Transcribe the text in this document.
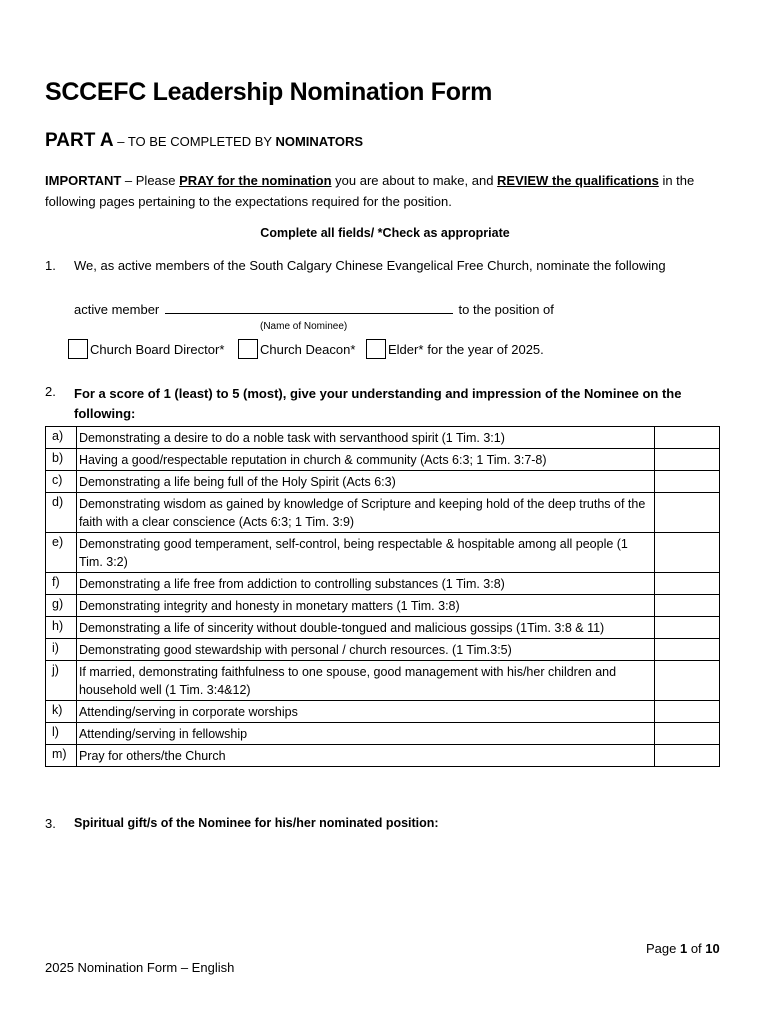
SCCEFC Leadership Nomination Form
PART A – TO BE COMPLETED BY NOMINATORS
IMPORTANT – Please PRAY for the nomination you are about to make, and REVIEW the qualifications in the following pages pertaining to the expectations required for the position.
Complete all fields/ *Check as appropriate
1. We, as active members of the South Calgary Chinese Evangelical Free Church, nominate the following
active member	to the position of
(Name of Nominee)
Church Board Director*	Church Deacon*	Elder* for the year of 2025.
2. For a score of 1 (least) to 5 (most), give your understanding and impression of the Nominee on the following:
a)	Demonstrating a desire to do a noble task with servanthood spirit (1 Tim. 3:1)	
b)	Having a good/respectable reputation in church & community (Acts 6:3; 1 Tim. 3:7-8)	
c)	Demonstrating a life being full of the Holy Spirit (Acts 6:3)	
d)	Demonstrating wisdom as gained by knowledge of Scripture and keeping hold of the deep truths of the faith with a clear conscience (Acts 6:3; 1 Tim. 3:9)	
e)	Demonstrating good temperament, self-control, being respectable & hospitable among all people (1 Tim. 3:2)	
f)	Demonstrating a life free from addiction to controlling substances (1 Tim. 3:8)	
g)	Demonstrating integrity and honesty in monetary matters (1 Tim. 3:8)	
h)	Demonstrating a life of sincerity without double-tongued and malicious gossips (1Tim. 3:8 & 11)	
i)	Demonstrating good stewardship with personal / church resources. (1 Tim.3:5)	
j)	If married, demonstrating faithfulness to one spouse, good management with his/her children and household well (1 Tim. 3:4&12)	
k)	Attending/serving in corporate worships	
l)	Attending/serving in fellowship	
m)	Pray for others/the Church	
3. Spiritual gift/s of the Nominee for his/her nominated position:
Page 1 of 10
2025 Nomination Form – English
